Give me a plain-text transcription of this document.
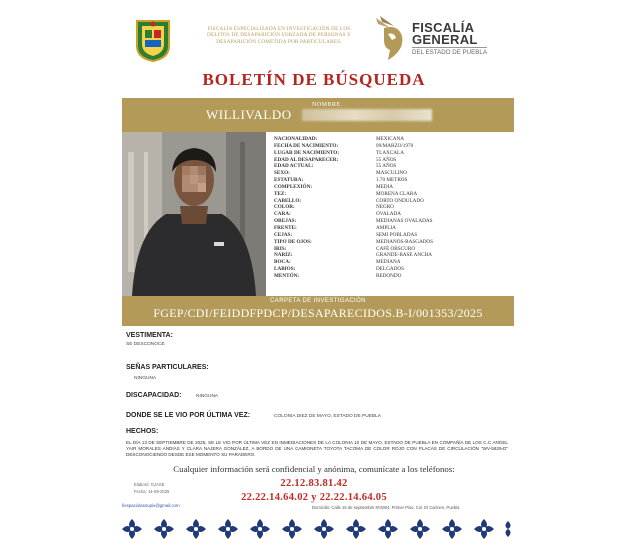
FISCALÍA ESPECIALIZADA EN INVESTIGACIÓN DE LOS DELITOS DE DESAPARICIÓN FORZADA DE PERSONAS Y DESAPARICIÓN COMETIDA POR PARTICULARES.
FISCALÍA
GENERAL
DEL ESTADO DE PUEBLA
BOLETÍN DE BÚSQUEDA
NOMBRE
WILLIVALDO
NACIONALIDAD:	MEXICANA
FECHA DE NACIMIENTO:	09/MARZO/1970
LUGAR DE NACIMIENTO:	TLAXCALA
EDAD AL DESAPARECER:	55 AÑOS
EDAD ACTUAL:	55 AÑOS
SEXO:	MASCULINO
ESTATURA:	1.70 METROS
COMPLEXIÓN:	MEDIA
TEZ:	MORENA CLARA
CABELLO:	CORTO ONDULADO
COLOR:	NEGRO
CARA:	OVALADA
OREJAS:	MEDIANAS OVALADAS
FRENTE:	AMPLIA
CEJAS:	SEMI POBLADAS
TIPO DE OJOS:	MEDIANOS-RASGADOS
IRIS:	CAFÉ OBSCURO
NARIZ:	GRANDE-BASE ANCHA
BOCA:	MEDIANA
LABIOS:	DELGADOS
MENTÓN:	REDONDO
CARPETA DE INVESTIGACIÓN
FGEP/CDI/FEIDDFPDCP/DESAPARECIDOS.B-I/001353/2025
VESTIMENTA:
SE DESCONOCE
SEÑAS PARTICULARES:
NINGUNA
DISCAPACIDAD:	NINGUNA
DONDE SE LE VIO POR ÚLTIMA VEZ:	COLONIA DIEZ DE MAYO, ESTADO DE PUEBLA
HECHOS:
EL DÍA 13 DE SEPTIEMBRE DE 2025, SE LE VIO POR ÚLTIMA VEZ EN INMEDIACIONES DE LA COLONIA 10 DE MAYO, ESTADO DE PUEBLA EN COMPAÑÍA DE LOS C.C ANGEL YAIR MORALES ANDIAS Y CLARA NAJERA GONZÁLEZ, A BORDO DE UNA CAMIONETA TOYOTA TACOMA DE COLOR ROJO CON PLACAS DE CIRCULACIÓN "WV-5829-D" DESCONOCIENDO DESDE ESE MOMENTO SU PARADERO.
Cualquier información será confidencial y anónima, comunícate a los teléfonos:
22.12.83.81.42
22.22.14.64.02 y 22.22.14.64.05
Elaboró: GJASE
Fecha: 14-09-2025
fiespaciolassupiv@gmail.com	Domicilio: Calle 16 de septiembre Nº2904, Primer Piso, Col. El Carmen, Puebla
